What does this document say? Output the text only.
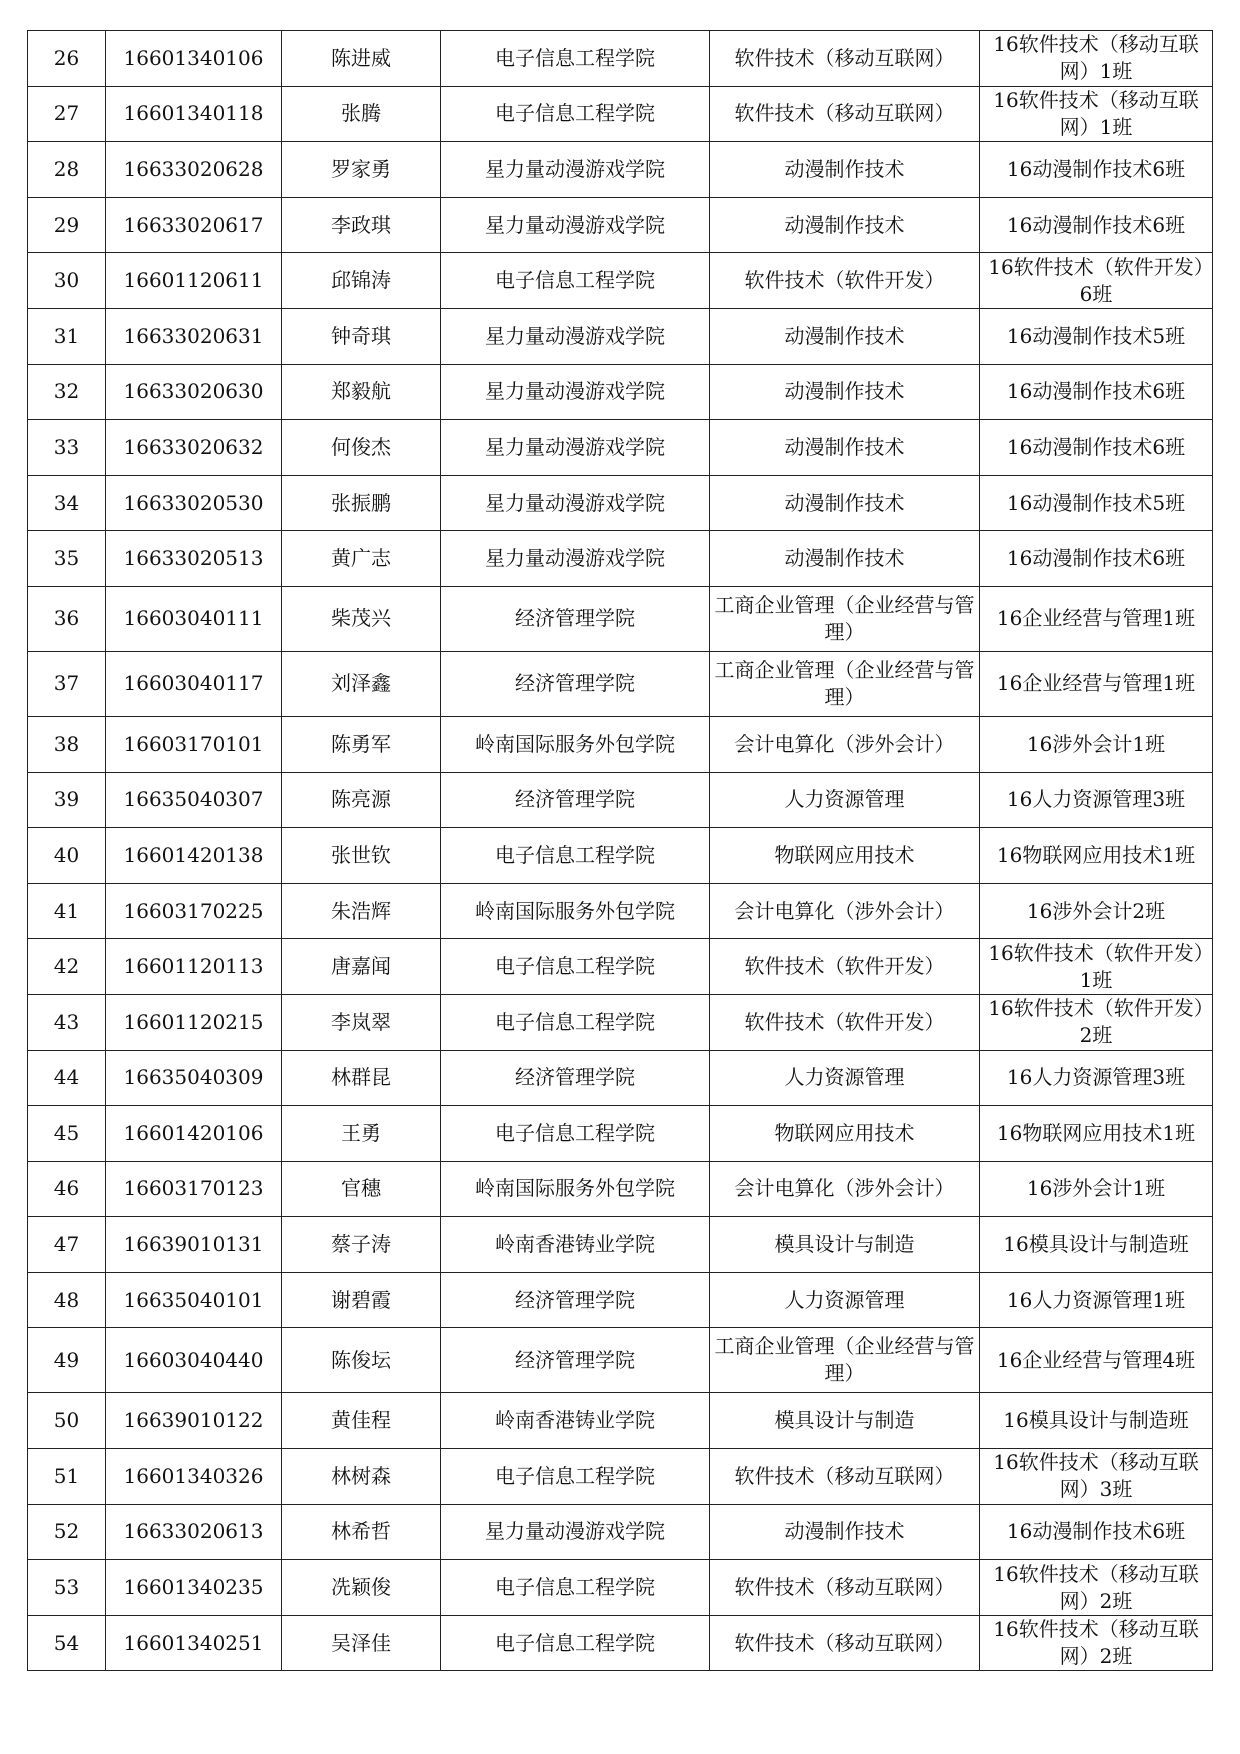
26	16601340106	陈进威	电子信息工程学院	软件技术（移动互联网）	16软件技术（移动互联网）1班
27	16601340118	张腾	电子信息工程学院	软件技术（移动互联网）	16软件技术（移动互联网）1班
28	16633020628	罗家勇	星力量动漫游戏学院	动漫制作技术	16动漫制作技术6班
29	16633020617	李政琪	星力量动漫游戏学院	动漫制作技术	16动漫制作技术6班
30	16601120611	邱锦涛	电子信息工程学院	软件技术（软件开发）	16软件技术（软件开发）6班
31	16633020631	钟奇琪	星力量动漫游戏学院	动漫制作技术	16动漫制作技术5班
32	16633020630	郑毅航	星力量动漫游戏学院	动漫制作技术	16动漫制作技术6班
33	16633020632	何俊杰	星力量动漫游戏学院	动漫制作技术	16动漫制作技术6班
34	16633020530	张振鹏	星力量动漫游戏学院	动漫制作技术	16动漫制作技术5班
35	16633020513	黄广志	星力量动漫游戏学院	动漫制作技术	16动漫制作技术6班
36	16603040111	柴茂兴	经济管理学院	工商企业管理（企业经营与管理）	16企业经营与管理1班
37	16603040117	刘泽鑫	经济管理学院	工商企业管理（企业经营与管理）	16企业经营与管理1班
38	16603170101	陈勇军	岭南国际服务外包学院	会计电算化（涉外会计）	16涉外会计1班
39	16635040307	陈亮源	经济管理学院	人力资源管理	16人力资源管理3班
40	16601420138	张世钦	电子信息工程学院	物联网应用技术	16物联网应用技术1班
41	16603170225	朱浩辉	岭南国际服务外包学院	会计电算化（涉外会计）	16涉外会计2班
42	16601120113	唐嘉闻	电子信息工程学院	软件技术（软件开发）	16软件技术（软件开发）1班
43	16601120215	李岚翠	电子信息工程学院	软件技术（软件开发）	16软件技术（软件开发）2班
44	16635040309	林群昆	经济管理学院	人力资源管理	16人力资源管理3班
45	16601420106	王勇	电子信息工程学院	物联网应用技术	16物联网应用技术1班
46	16603170123	官穗	岭南国际服务外包学院	会计电算化（涉外会计）	16涉外会计1班
47	16639010131	蔡子涛	岭南香港铸业学院	模具设计与制造	16模具设计与制造班
48	16635040101	谢碧霞	经济管理学院	人力资源管理	16人力资源管理1班
49	16603040440	陈俊坛	经济管理学院	工商企业管理（企业经营与管理）	16企业经营与管理4班
50	16639010122	黄佳程	岭南香港铸业学院	模具设计与制造	16模具设计与制造班
51	16601340326	林树森	电子信息工程学院	软件技术（移动互联网）	16软件技术（移动互联网）3班
52	16633020613	林希哲	星力量动漫游戏学院	动漫制作技术	16动漫制作技术6班
53	16601340235	冼颖俊	电子信息工程学院	软件技术（移动互联网）	16软件技术（移动互联网）2班
54	16601340251	吴泽佳	电子信息工程学院	软件技术（移动互联网）	16软件技术（移动互联网）2班
